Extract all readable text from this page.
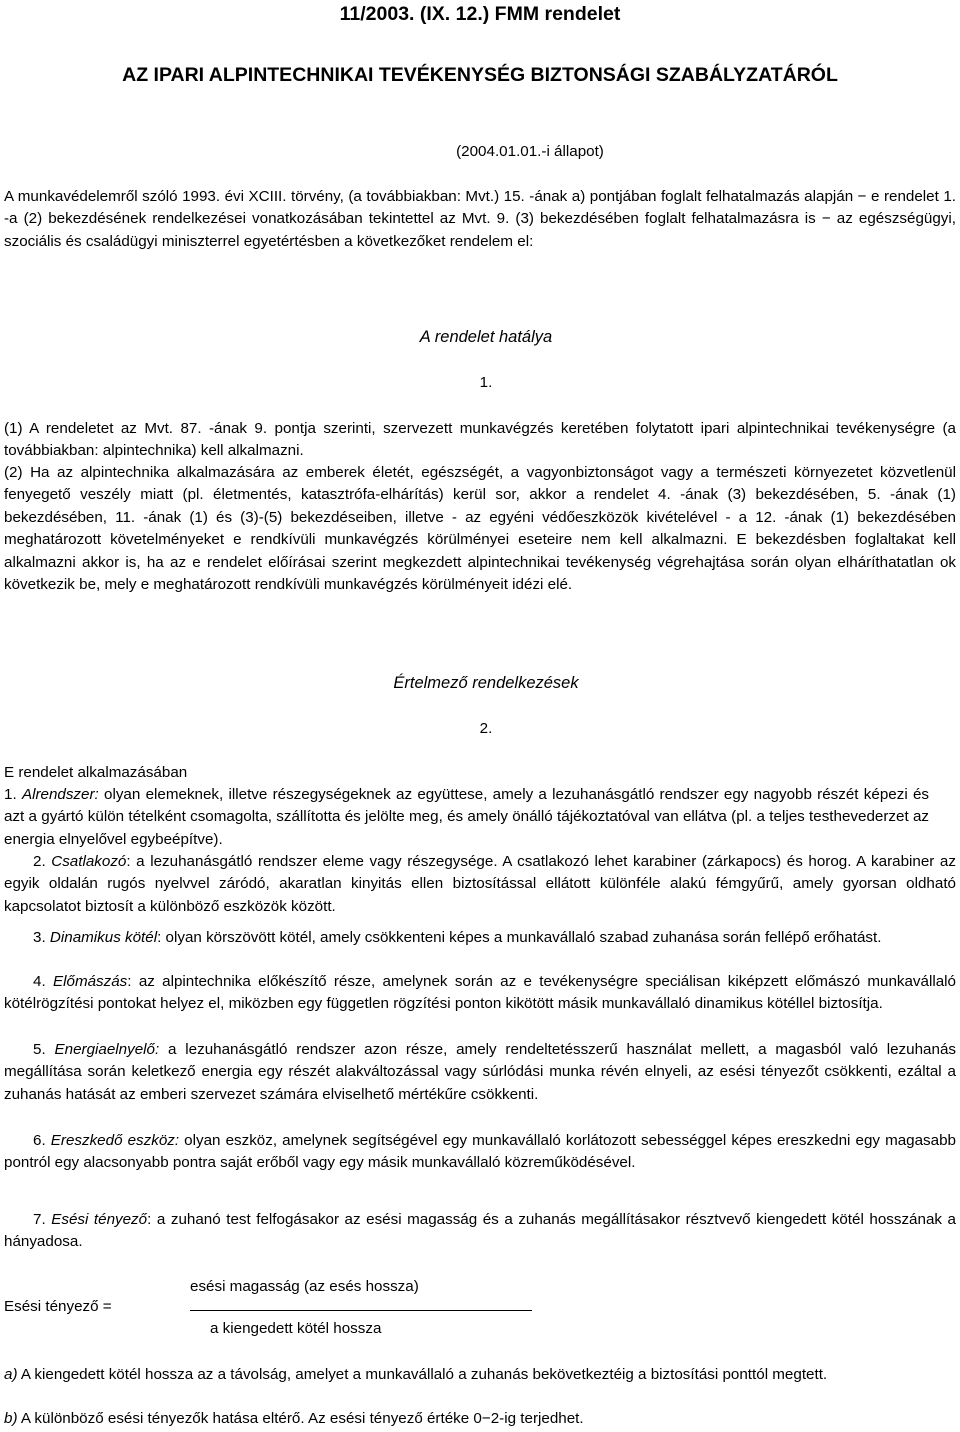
11/2003. (IX. 12.) FMM rendelet

AZ IPARI ALPINTECHNIKAI TEVÉKENYSÉG BIZTONSÁGI SZABÁLYZATÁRÓL

(2004.01.01.-i állapot)

A munkavédelemről szóló 1993. évi XCIII. törvény, (a továbbiakban: Mvt.) 15. -ának a) pontjában foglalt felhatalmazás alapján − e rendelet 1. -a (2) bekezdésének rendelkezései vonatkozásában tekintettel az Mvt. 9. (3) bekezdésében foglalt felhatalmazásra is − az egészségügyi, szociális és családügyi miniszterrel egyetértésben a következőket rendelem el:

A rendelet hatálya

1.

(1) A rendeletet az Mvt. 87. -ának 9. pontja szerinti, szervezett munkavégzés keretében folytatott ipari alpintechnikai tevékenységre (a továbbiakban: alpintechnika) kell alkalmazni.

(2) Ha az alpintechnika alkalmazására az emberek életét, egészségét, a vagyonbiztonságot vagy a természeti környezetet közvetlenül fenyegető veszély miatt (pl. életmentés, katasztrófa-elhárítás) kerül sor, akkor a rendelet 4. -ának (3) bekezdésében, 5. -ának (1) bekezdésében, 11. -ának (1) és (3)-(5) bekezdéseiben, illetve - az egyéni védőeszközök kivételével - a 12. -ának (1) bekezdésében meghatározott követelményeket e rendkívüli munkavégzés körülményei eseteire nem kell alkalmazni. E bekezdésben foglaltakat kell alkalmazni akkor is, ha az e rendelet előírásai szerint megkezdett alpintechnikai tevékenység végrehajtása során olyan elháríthatatlan ok következik be, mely e meghatározott rendkívüli munkavégzés körülményeit idézi elé.

Értelmező rendelkezések

2.

E rendelet alkalmazásában

1. Alrendszer: olyan elemeknek, illetve részegységeknek az együttese, amely a lezuhanásgátló rendszer egy nagyobb részét képezi és azt a gyártó külön tételként csomagolta, szállította és jelölte meg, és amely önálló tájékoztatóval van ellátva (pl. a teljes testhevederzet az energia elnyelővel egybeépítve).

2. Csatlakozó: a lezuhanásgátló rendszer eleme vagy részegysége. A csatlakozó lehet karabiner (zárkapocs) és horog. A karabiner az egyik oldalán rugós nyelvvel záródó, akaratlan kinyitás ellen biztosítással ellátott különféle alakú fémgyűrű, amely gyorsan oldható kapcsolatot biztosít a különböző eszközök között.

3. Dinamikus kötél: olyan körszövött kötél, amely csökkenteni képes a munkavállaló szabad zuhanása során fellépő erőhatást.

4. Előmászás: az alpintechnika előkészítő része, amelynek során az e tevékenységre speciálisan kiképzett előmászó munkavállaló kötélrögzítési pontokat helyez el, miközben egy független rögzítési ponton kikötött másik munkavállaló dinamikus kötéllel biztosítja.

5. Energiaelnyelő: a lezuhanásgátló rendszer azon része, amely rendeltetésszerű használat mellett, a magasból való lezuhanás megállítása során keletkező energia egy részét alakváltozással vagy súrlódási munka révén elnyeli, az esési tényezőt csökkenti, ezáltal a zuhanás hatását az emberi szervezet számára elviselhető mértékűre csökkenti.

6. Ereszkedő eszköz: olyan eszköz, amelynek segítségével egy munkavállaló korlátozott sebességgel képes ereszkedni egy magasabb pontról egy alacsonyabb pontra saját erőből vagy egy másik munkavállaló közreműködésével.

7. Esési tényező: a zuhanó test felfogásakor az esési magasság és a zuhanás megállításakor résztvevő kiengedett kötél hosszának a hányadosa.

Esési tényező =
esési magasság (az esés hossza)
a kiengedett kötél hossza

a) A kiengedett kötél hossza az a távolság, amelyet a munkavállaló a zuhanás bekövetkeztéig a biztosítási ponttól megtett.

b) A különböző esési tényezők hatása eltérő. Az esési tényező értéke 0−2-ig terjedhet.
